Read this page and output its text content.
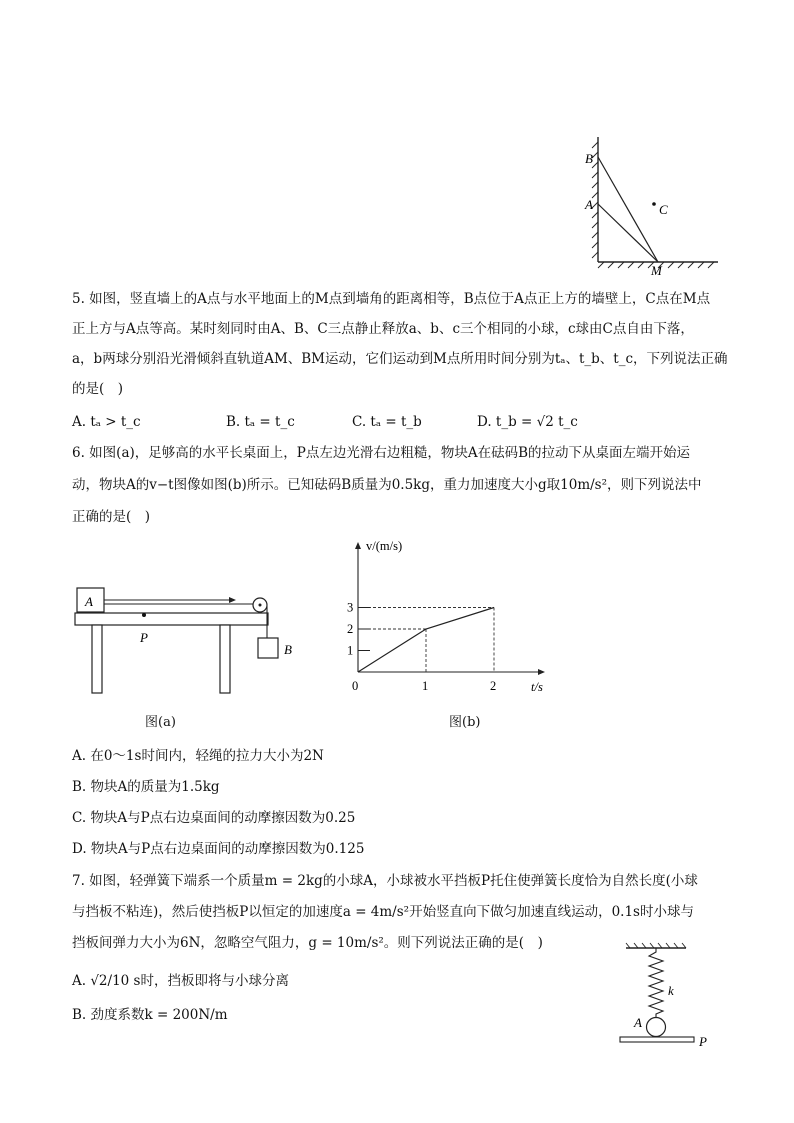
B
A	C
M
5. 如图，竖直墙上的A点与水平地面上的M点到墙角的距离相等，B点位于A点正上方的墙壁上，C点在M点
正上方与A点等高。某时刻同时由A、B、C三点静止释放a、b、c三个相同的小球，c球由C点自由下落，
a，b两球分别沿光滑倾斜直轨道AM、BM运动，它们运动到M点所用时间分别为tₐ、t_b、t_c，下列说法正确
的是(　)
A. tₐ > t_c	B. tₐ = t_c	C. tₐ = t_b	D. t_b = √2 t_c
6. 如图(a)，足够高的水平长桌面上，P点左边光滑右边粗糙，物块A在砝码B的拉动下从桌面左端开始运
动，物块A的v−t图像如图(b)所示。已知砝码B质量为0.5kg，重力加速度大小g取10m/s²，则下列说法中
正确的是(　)
A
P
B
图(a)
v/(m/s)
t/s
0
1
2
3
1	2
图(b)
A. 在0～1s时间内，轻绳的拉力大小为2N
B. 物块A的质量为1.5kg
C. 物块A与P点右边桌面间的动摩擦因数为0.25
D. 物块A与P点右边桌面间的动摩擦因数为0.125
7. 如图，轻弹簧下端系一个质量m = 2kg的小球A，小球被水平挡板P托住使弹簧长度恰为自然长度(小球
与挡板不粘连)，然后使挡板P以恒定的加速度a = 4m/s²开始竖直向下做匀加速直线运动，0.1s时小球与
挡板间弹力大小为6N，忽略空气阻力，g = 10m/s²。则下列说法正确的是(　)
A. √2/10 s时，挡板即将与小球分离
B. 劲度系数k = 200N/m
k
A
P
